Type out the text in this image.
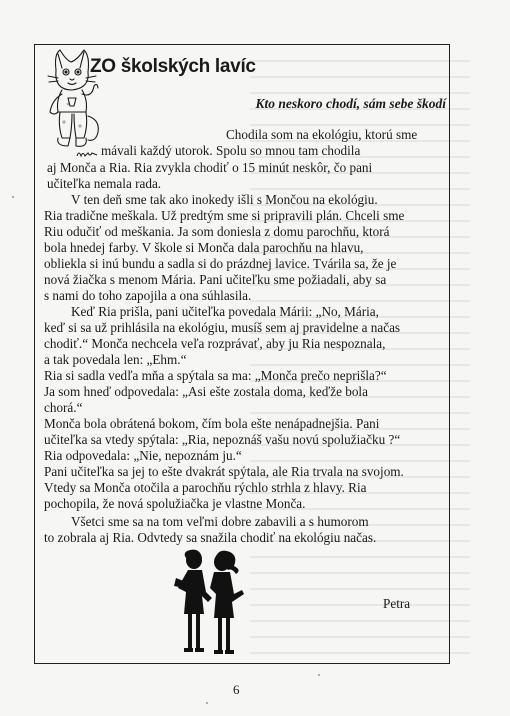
ZO školských lavíc
Kto neskoro chodí, sám sebe škodí
Chodila som na ekológiu, ktorú sme
mávali každý utorok. Spolu so mnou tam chodila
aj Monča a Ria. Ria zvykla chodiť o 15 minút neskôr, čo pani
učiteľka nemala rada.
V ten deň sme tak ako inokedy išli s Mončou na ekológiu.
Ria tradične meškala. Už predtým sme si pripravili plán. Chceli sme
Riu odučiť od meškania. Ja som doniesla z domu parochňu, ktorá
bola hnedej farby. V škole si Monča dala parochňu na hlavu,
obliekla si inú bundu a sadla si do prázdnej lavice. Tvárila sa, že je
nová žiačka s menom Mária. Pani učiteľku sme požiadali, aby sa
s nami do toho zapojila a ona súhlasila.
Keď Ria prišla, pani učiteľka povedala Márii: „No, Mária,
keď si sa už prihlásila na ekológiu, musíš sem aj pravidelne a načas
chodiť.“ Monča nechcela veľa rozprávať, aby ju Ria nespoznala,
a tak povedala len: „Ehm.“
Ria si sadla vedľa mňa a spýtala sa ma: „Monča prečo neprišla?“
Ja som hneď odpovedala: „Asi ešte zostala doma, keďže bola
chorá.“
Monča bola obrátená bokom, čím bola ešte nenápadnejšia. Pani
učiteľka sa vtedy spýtala: „Ria, nepoznáš vašu novú spolužiačku ?“
Ria odpovedala: „Nie, nepoznám ju.“
Pani učiteľka sa jej to ešte dvakrát spýtala, ale Ria trvala na svojom.
Vtedy sa Monča otočila a parochňu rýchlo strhla z hlavy. Ria
pochopila, že nová spolužiačka je vlastne Monča.
Všetci sme sa na tom veľmi dobre zabavili a s humorom
to zobrala aj Ria. Odvtedy sa snažila chodiť na ekológiu načas.
Petra
6
